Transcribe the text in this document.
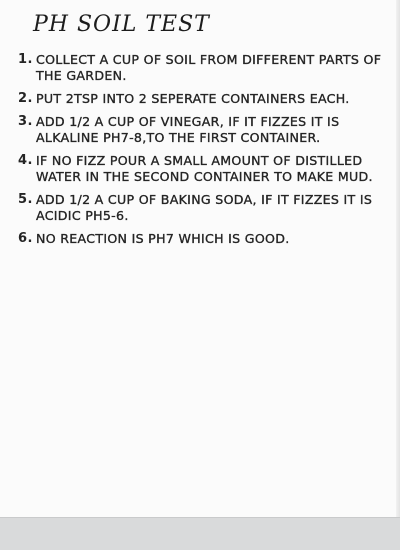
PH SOIL TEST
1. COLLECT A CUP OF SOIL FROM DIFFERENT PARTS OF THE GARDEN.
2. PUT 2TSP INTO 2 SEPERATE CONTAINERS EACH.
3. ADD 1/2 A CUP OF VINEGAR, IF IT FIZZES IT IS ALKALINE PH7-8,TO THE FIRST CONTAINER.
4. IF NO FIZZ POUR A SMALL AMOUNT OF DISTILLED WATER IN THE SECOND CONTAINER TO MAKE MUD.
5. ADD 1/2 A CUP OF BAKING SODA, IF IT FIZZES IT IS ACIDIC PH5-6.
6. NO REACTION IS PH7 WHICH IS GOOD.
